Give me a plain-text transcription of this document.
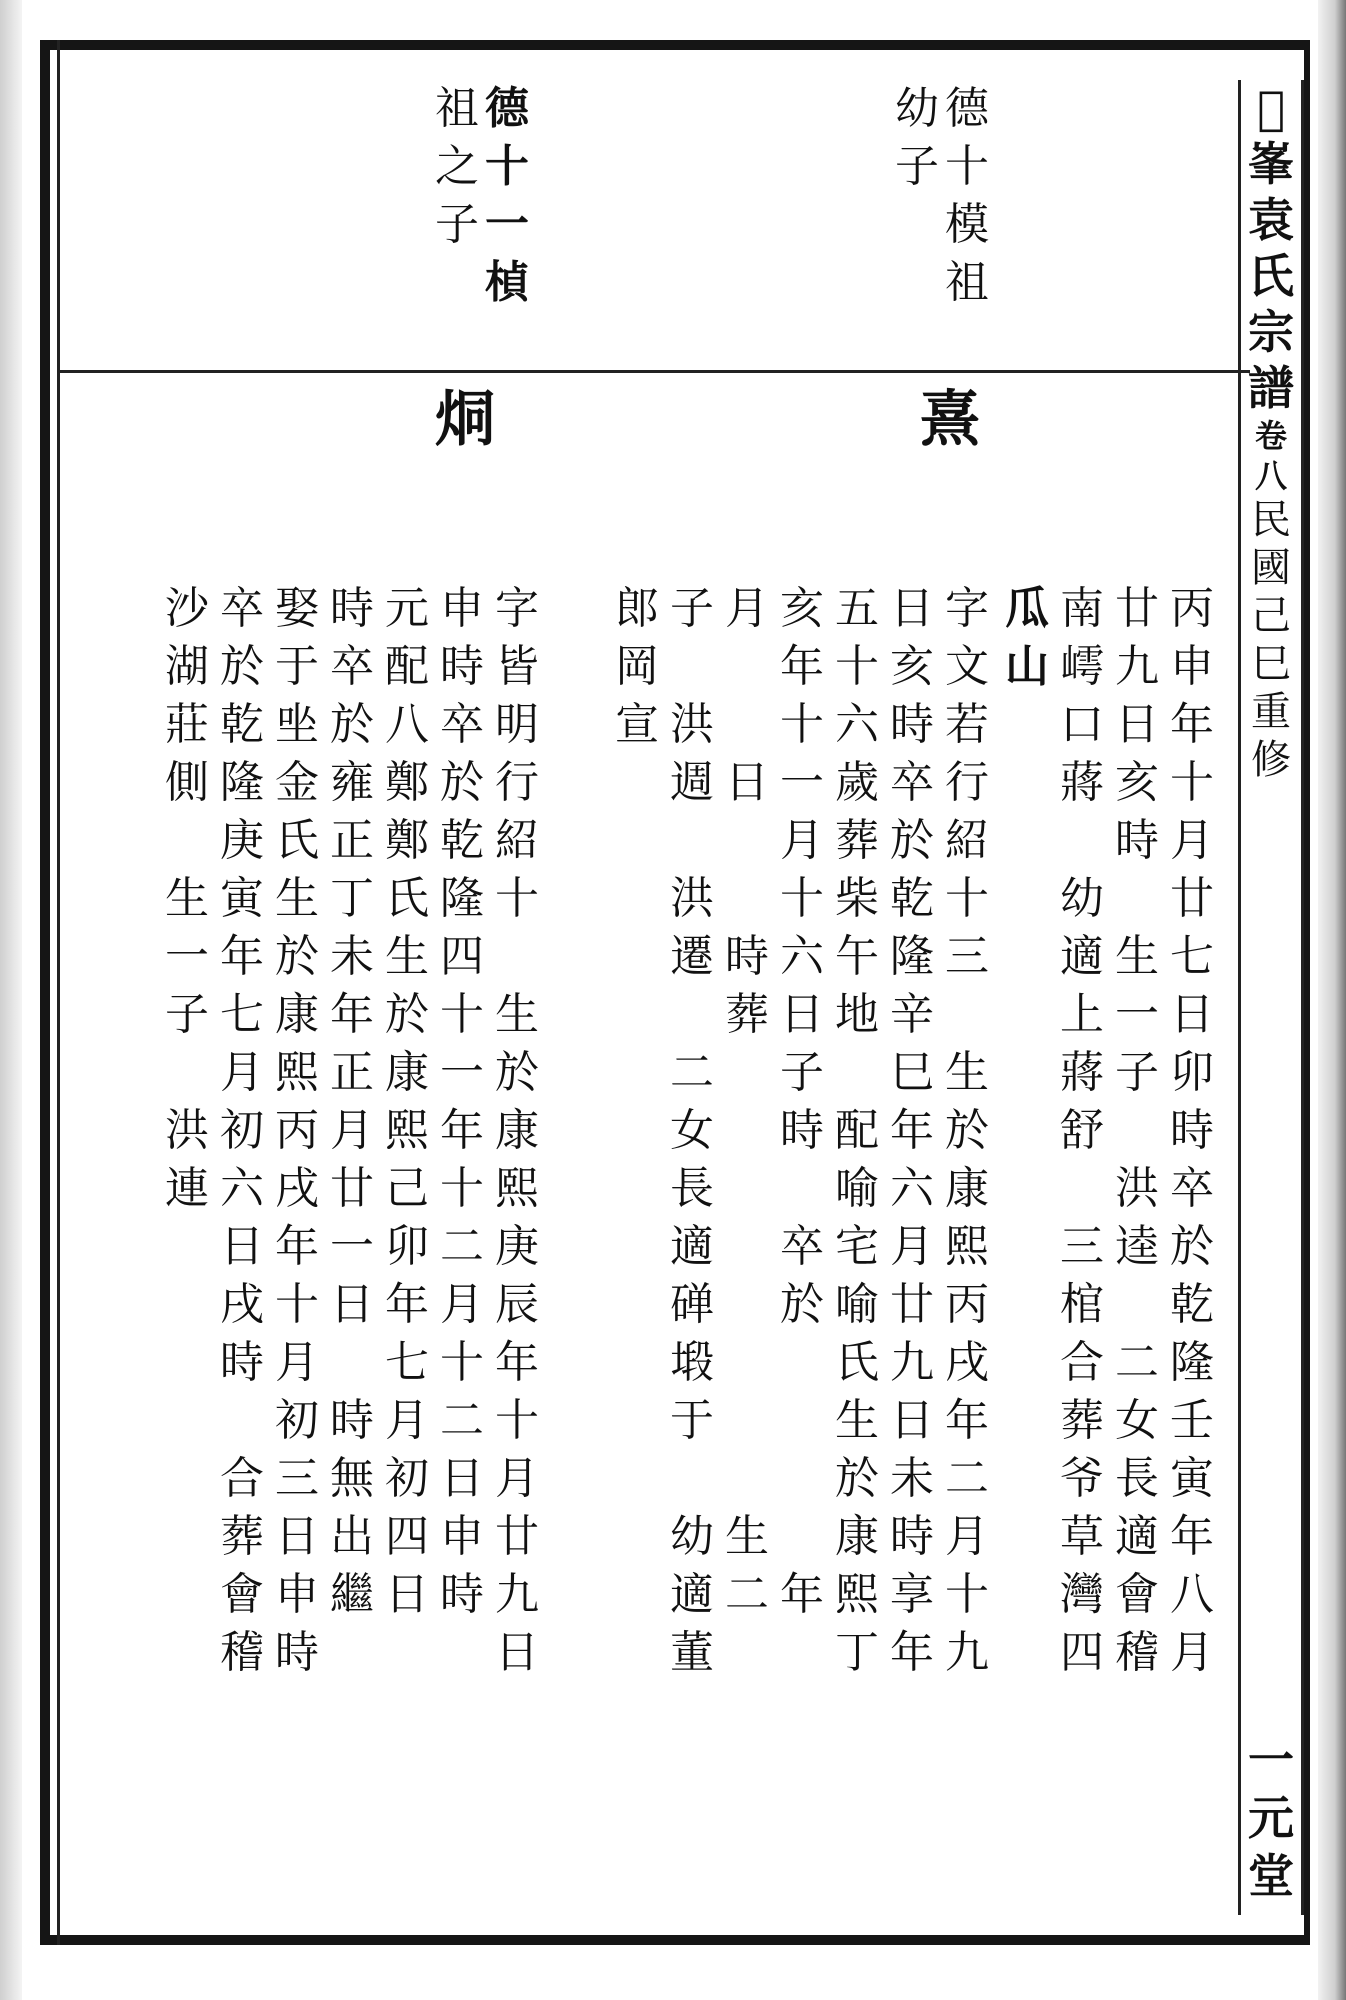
𠒂
峯
袁
氏
宗
譜
卷
八
民
國
己
巳
重
修
一
元
堂
德
十
模
祖
幼
子
德
十
一
楨
祖
之
子
熹
烔
丙
申
年
十
月
廿
七
日
卯
時
卒
於
乾
隆
壬
寅
年
八
月
廿
九
日
亥
時

生
一
子

洪
逵

二
女
長
適
會
稽
南
嶀
口
蔣

幼
適
上
蔣
舒

三
棺
合
葬
爷
草
灣
四
瓜
山
字
文
若
行
紹
十
三

生
於
康
熙
丙
戌
年
二
月
十
九
日
亥
時
卒
於
乾
隆
辛
巳
年
六
月
廿
九
日
未
時
享
年
五
十
六
歲
葬
柴
午
地

配
喻
宅
喻
氏
生
於
康
熙
丁
亥
年
十
一
月
十
六
日
子
時

卒
於

年
月

日

時
葬

生
二
子

洪
週

洪
遷

二
女
長
適
䃅
塅
于

幼
適
董
郎
岡
宣
字
皆
明
行
紹
十

生
於
康
熙
庚
辰
年
十
月
廿
九
日
申
時
卒
於
乾
隆
四
十
一
年
十
二
月
十
二
日
申
時
元
配
八
鄭
鄭
氏
生
於
康
熙
己
卯
年
七
月
初
四
日
時
卒
於
雍
正
丁
未
年
正
月
廿
一
日

時
無
出
繼
娶
于
㘴
金
氏
生
於
康
熙
丙
戌
年
十
月
初
三
日
申
時
卒
於
乾
隆
庚
寅
年
七
月
初
六
日
戌
時

合
葬
會
稽
沙
湖
莊
側

生
一
子

洪
連
